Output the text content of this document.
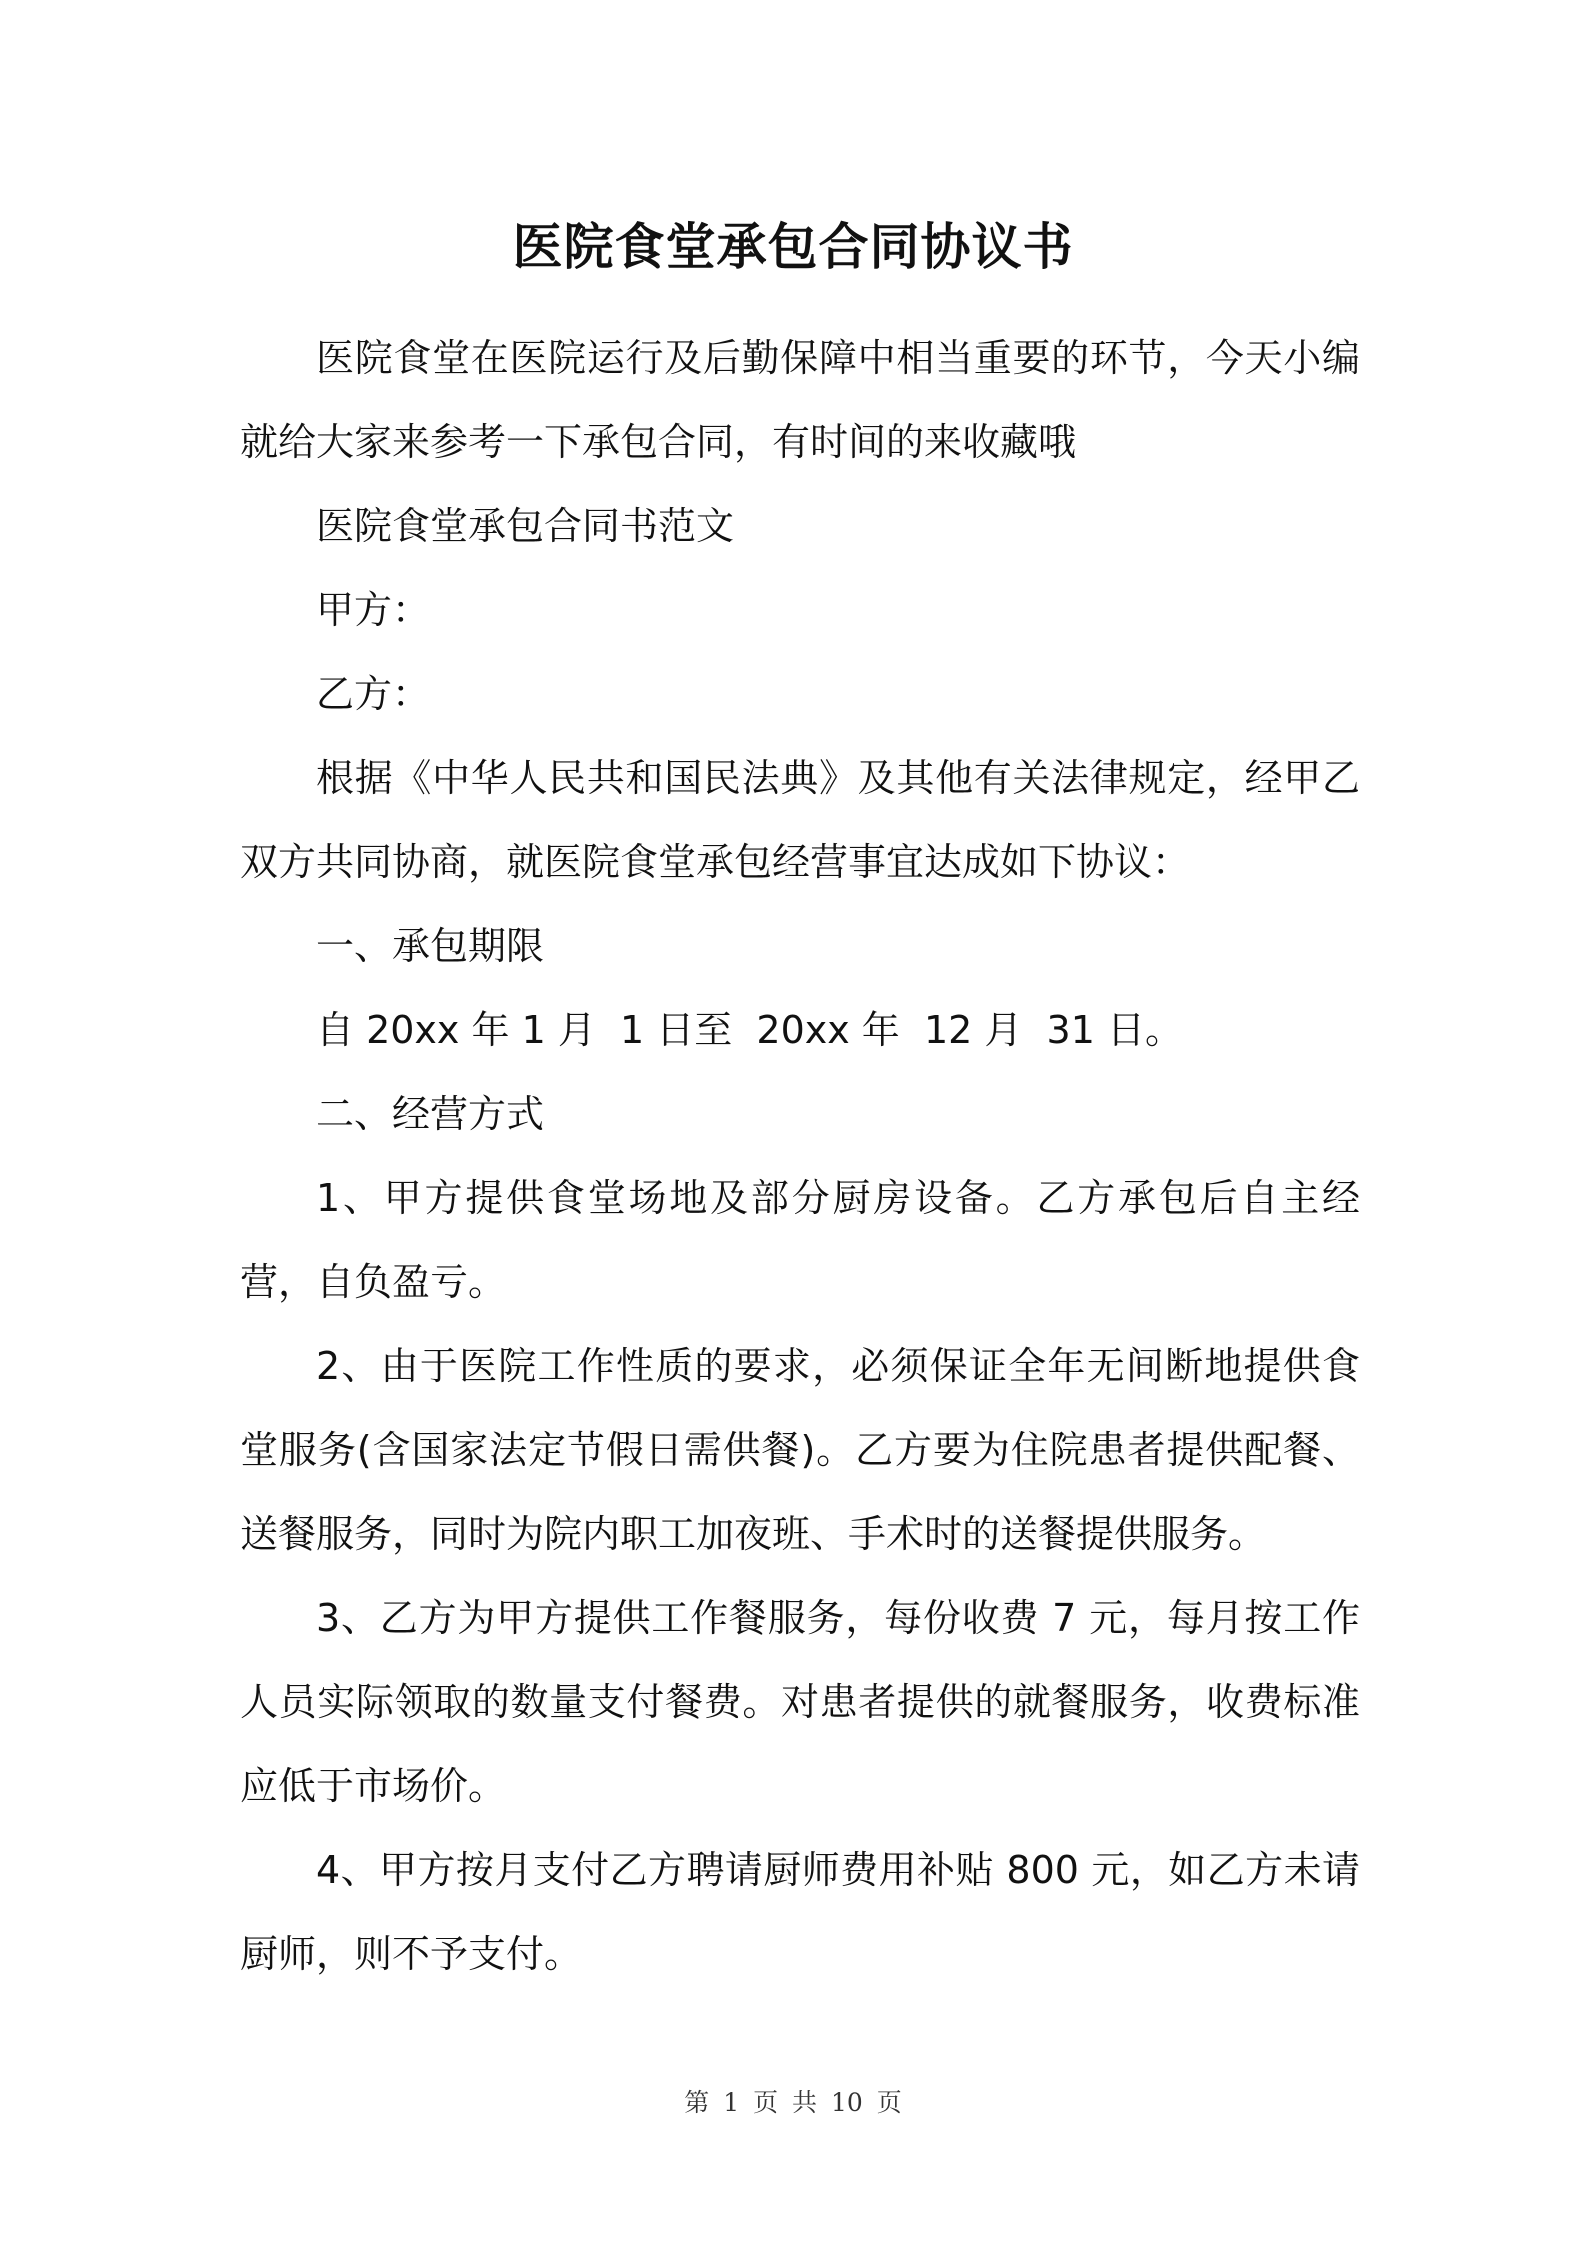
医院食堂承包合同协议书

医院食堂在医院运行及后勤保障中相当重要的环节，今天小编就给大家来参考一下承包合同，有时间的来收藏哦

医院食堂承包合同书范文

甲方：

乙方：

根据《中华人民共和国民法典》及其他有关法律规定，经甲乙双方共同协商，就医院食堂承包经营事宜达成如下协议：

一、承包期限

自 20xx 年 1 月  1 日至  20xx 年  12 月  31 日。

二、经营方式

1、甲方提供食堂场地及部分厨房设备。乙方承包后自主经营，自负盈亏。

2、由于医院工作性质的要求，必须保证全年无间断地提供食堂服务(含国家法定节假日需供餐)。乙方要为住院患者提供配餐、送餐服务，同时为院内职工加夜班、手术时的送餐提供服务。

3、乙方为甲方提供工作餐服务，每份收费 7 元，每月按工作人员实际领取的数量支付餐费。对患者提供的就餐服务，收费标准应低于市场价。

4、甲方按月支付乙方聘请厨师费用补贴 800 元，如乙方未请厨师，则不予支付。

第 1 页 共 10 页
